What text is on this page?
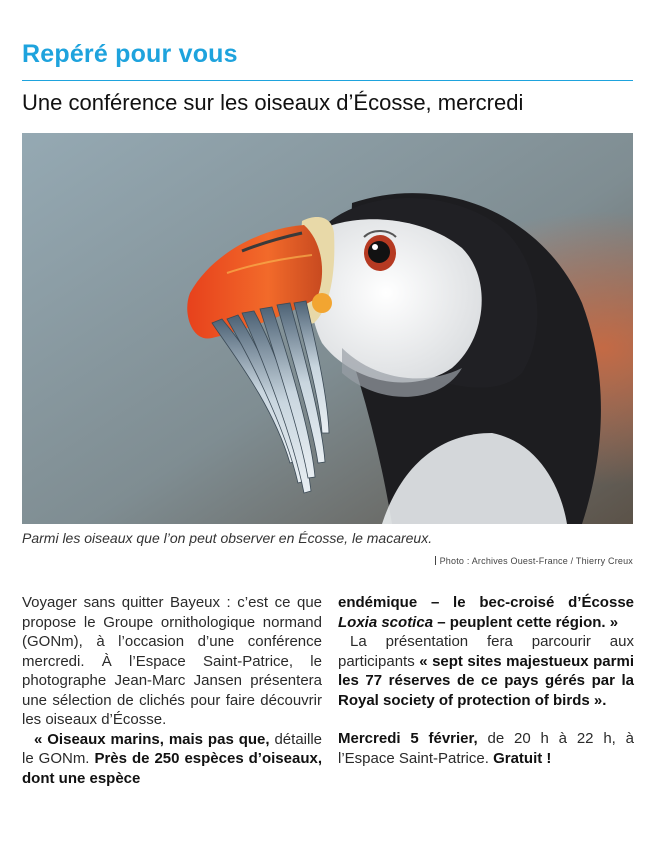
Repéré pour vous
Une conférence sur les oiseaux d’Écosse, mercredi
Parmi les oiseaux que l’on peut observer en Écosse, le macareux.
Photo : Archives Ouest-France / Thierry Creux

Voyager sans quitter Bayeux : c’est ce que propose le Groupe ornithologique normand (GONm), à l’occasion d’une conférence mercredi. À l’Espace Saint-Patrice, le photographe Jean-Marc Jansen présentera une sélection de clichés pour faire découvrir les oiseaux d’Écosse.

« Oiseaux marins, mais pas que, détaille le GONm. Près de 250 espèces d’oiseaux, dont une espèce

endémique – le bec-croisé d’Écosse Loxia scotica – peuplent cette région. »

La présentation fera parcourir aux participants « sept sites majestueux parmi les 77 réserves de ce pays gérés par la Royal society of protection of birds ».

Mercredi 5 février, de 20 h à 22 h, à l’Espace Saint-Patrice. Gratuit !
